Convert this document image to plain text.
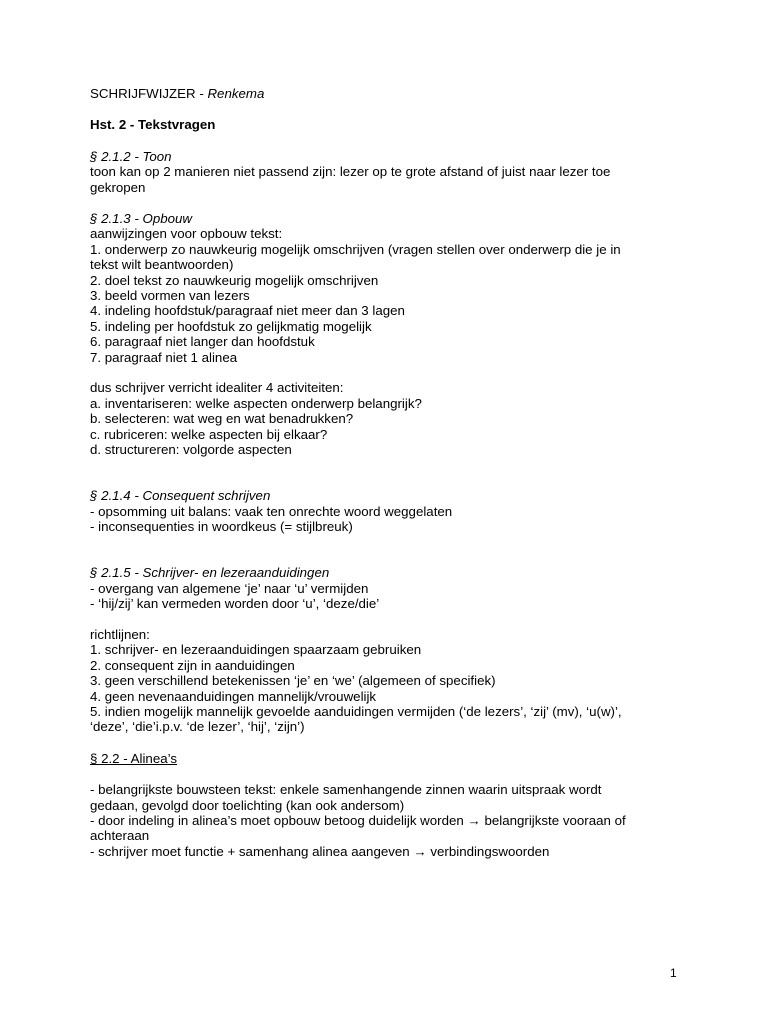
SCHRIJFWIJZER - Renkema
Hst. 2 - Tekstvragen
§ 2.1.2 - Toon
toon kan op 2 manieren niet passend zijn: lezer op te grote afstand of juist naar lezer toe
gekropen
§ 2.1.3 - Opbouw
aanwijzingen voor opbouw tekst:
1. onderwerp zo nauwkeurig mogelijk omschrijven (vragen stellen over onderwerp die je in
tekst wilt beantwoorden)
2. doel tekst zo nauwkeurig mogelijk omschrijven
3. beeld vormen van lezers
4. indeling hoofdstuk/paragraaf niet meer dan 3 lagen
5. indeling per hoofdstuk zo gelijkmatig mogelijk
6. paragraaf niet langer dan hoofdstuk
7. paragraaf niet 1 alinea
dus schrijver verricht idealiter 4 activiteiten:
a. inventariseren: welke aspecten onderwerp belangrijk?
b. selecteren: wat weg en wat benadrukken?
c. rubriceren: welke aspecten bij elkaar?
d. structureren: volgorde aspecten
§ 2.1.4 - Consequent schrijven
- opsomming uit balans: vaak ten onrechte woord weggelaten
- inconsequenties in woordkeus (= stijlbreuk)
§ 2.1.5 - Schrijver- en lezeraanduidingen
- overgang van algemene ‘je’ naar ‘u’ vermijden
- ‘hij/zij’ kan vermeden worden door ‘u’, ‘deze/die’
richtlijnen:
1. schrijver- en lezeraanduidingen spaarzaam gebruiken
2. consequent zijn in aanduidingen
3. geen verschillend betekenissen ‘je’ en ‘we’ (algemeen of specifiek)
4. geen nevenaanduidingen mannelijk/vrouwelijk
5. indien mogelijk mannelijk gevoelde aanduidingen vermijden (‘de lezers’, ‘zij’ (mv), ‘u(w)’,
‘deze’, ‘die’i.p.v. ‘de lezer’, ‘hij’, ‘zijn’)
§ 2.2 - Alinea’s
- belangrijkste bouwsteen tekst: enkele samenhangende zinnen waarin uitspraak wordt
gedaan, gevolgd door toelichting (kan ook andersom)
- door indeling in alinea’s moet opbouw betoog duidelijk worden → belangrijkste vooraan of
achteraan
- schrijver moet functie + samenhang alinea aangeven → verbindingswoorden
1
